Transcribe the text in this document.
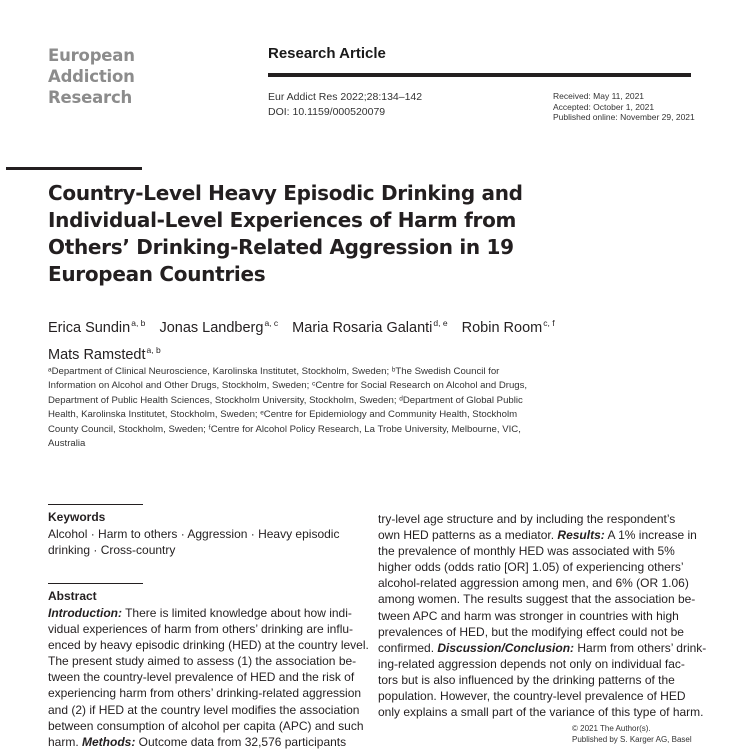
European
Addiction
Research
Research Article
Eur Addict Res 2022;28:134–142
DOI: 10.1159/000520079
Received: May 11, 2021
Accepted: October 1, 2021
Published online: November 29, 2021
Country-Level Heavy Episodic Drinking and
Individual-Level Experiences of Harm from
Others’ Drinking-Related Aggression in 19
European Countries
Erica Sundin$^{a, b}$ Jonas Landberg$^{a, c}$ Maria Rosaria Galanti$^{d, e}$ Robin Room$^{c, f}$
Mats Ramstedt$^{a, b}$
ᵃDepartment of Clinical Neuroscience, Karolinska Institutet, Stockholm, Sweden; ᵇThe Swedish Council for
Information on Alcohol and Other Drugs, Stockholm, Sweden; ᶜCentre for Social Research on Alcohol and Drugs,
Department of Public Health Sciences, Stockholm University, Stockholm, Sweden; ᵈDepartment of Global Public
Health, Karolinska Institutet, Stockholm, Sweden; ᵉCentre for Epidemiology and Community Health, Stockholm
County Council, Stockholm, Sweden; ᶠCentre for Alcohol Policy Research, La Trobe University, Melbourne, VIC,
Australia
Keywords
Alcohol · Harm to others · Aggression · Heavy episodic
drinking · Cross-country
Abstract
Introduction: There is limited knowledge about how indi-
vidual experiences of harm from others’ drinking are influ-
enced by heavy episodic drinking (HED) at the country level.
The present study aimed to assess (1) the association be-
tween the country-level prevalence of HED and the risk of
experiencing harm from others’ drinking-related aggression
and (2) if HED at the country level modifies the association
between consumption of alcohol per capita (APC) and such
harm. Methods: Outcome data from 32,576 participants
try-level age structure and by including the respondent’s
own HED patterns as a mediator. Results: A 1% increase in
the prevalence of monthly HED was associated with 5%
higher odds (odds ratio [OR] 1.05) of experiencing others’
alcohol-related aggression among men, and 6% (OR 1.06)
among women. The results suggest that the association be-
tween APC and harm was stronger in countries with high
prevalences of HED, but the modifying effect could not be
confirmed. Discussion/Conclusion: Harm from others’ drink-
ing-related aggression depends not only on individual fac-
tors but is also influenced by the drinking patterns of the
population. However, the country-level prevalence of HED
only explains a small part of the variance of this type of harm.
© 2021 The Author(s).
Published by S. Karger AG, Basel
